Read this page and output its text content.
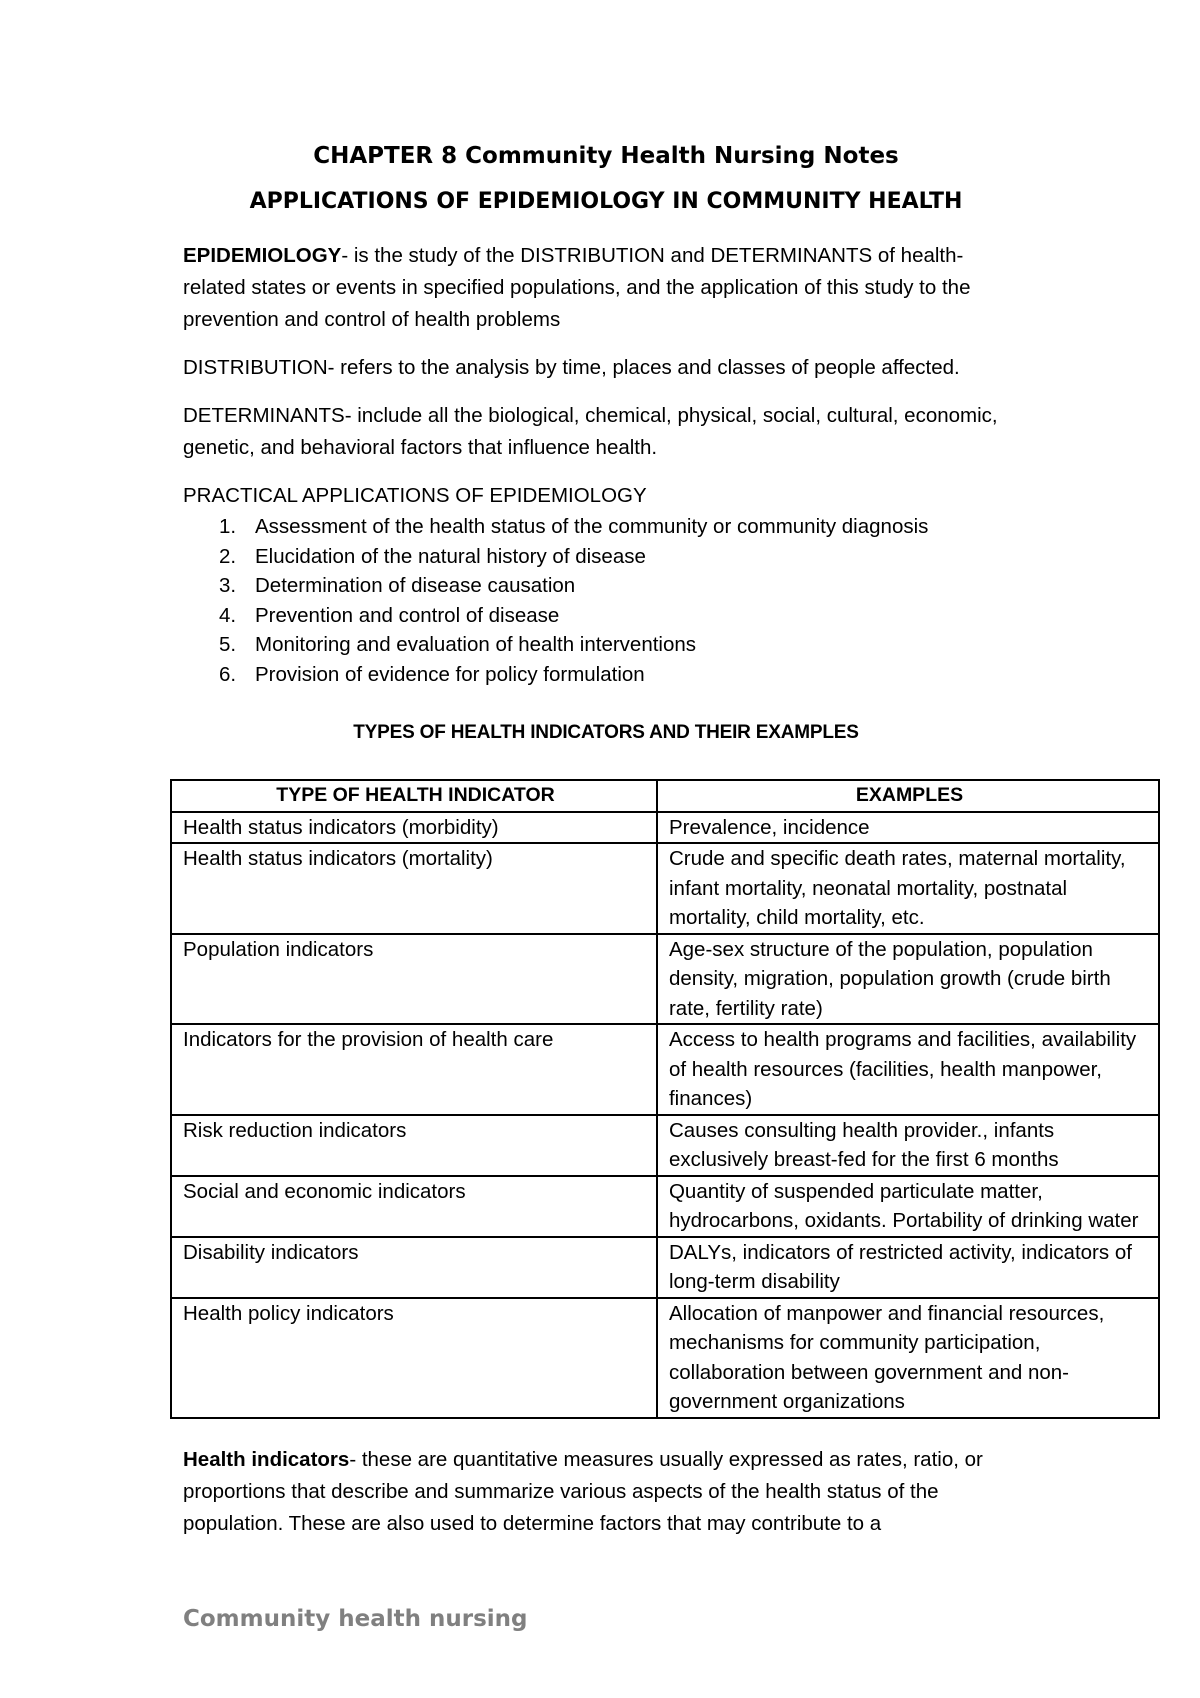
CHAPTER 8 Community Health Nursing Notes
APPLICATIONS OF EPIDEMIOLOGY IN COMMUNITY HEALTH

EPIDEMIOLOGY- is the study of the DISTRIBUTION and DETERMINANTS of health-related states or events in specified populations, and the application of this study to the prevention and control of health problems

DISTRIBUTION- refers to the analysis by time, places and classes of people affected.

DETERMINANTS- include all the biological, chemical, physical, social, cultural, economic, genetic, and behavioral factors that influence health.

PRACTICAL APPLICATIONS OF EPIDEMIOLOGY

1. Assessment of the health status of the community or community diagnosis
2. Elucidation of the natural history of disease
3. Determination of disease causation
4. Prevention and control of disease
5. Monitoring and evaluation of health interventions
6. Provision of evidence for policy formulation
TYPES OF HEALTH INDICATORS AND THEIR EXAMPLES
TYPE OF HEALTH INDICATOR	EXAMPLES
Health status indicators (morbidity)	Prevalence, incidence
Health status indicators (mortality)	Crude and specific death rates, maternal mortality, infant mortality, neonatal mortality, postnatal mortality, child mortality, etc.
Population indicators	Age-sex structure of the population, population density, migration, population growth (crude birth rate, fertility rate)
Indicators for the provision of health care	Access to health programs and facilities, availability of health resources (facilities, health manpower, finances)
Risk reduction indicators	Causes consulting health provider., infants exclusively breast-fed for the first 6 months
Social and economic indicators	Quantity of suspended particulate matter, hydrocarbons, oxidants. Portability of drinking water
Disability indicators	DALYs, indicators of restricted activity, indicators of long-term disability
Health policy indicators	Allocation of manpower and financial resources, mechanisms for community participation, collaboration between government and non-government organizations

Health indicators- these are quantitative measures usually expressed as rates, ratio, or proportions that describe and summarize various aspects of the health status of the population. These are also used to determine factors that may contribute to a

Community health nursing
